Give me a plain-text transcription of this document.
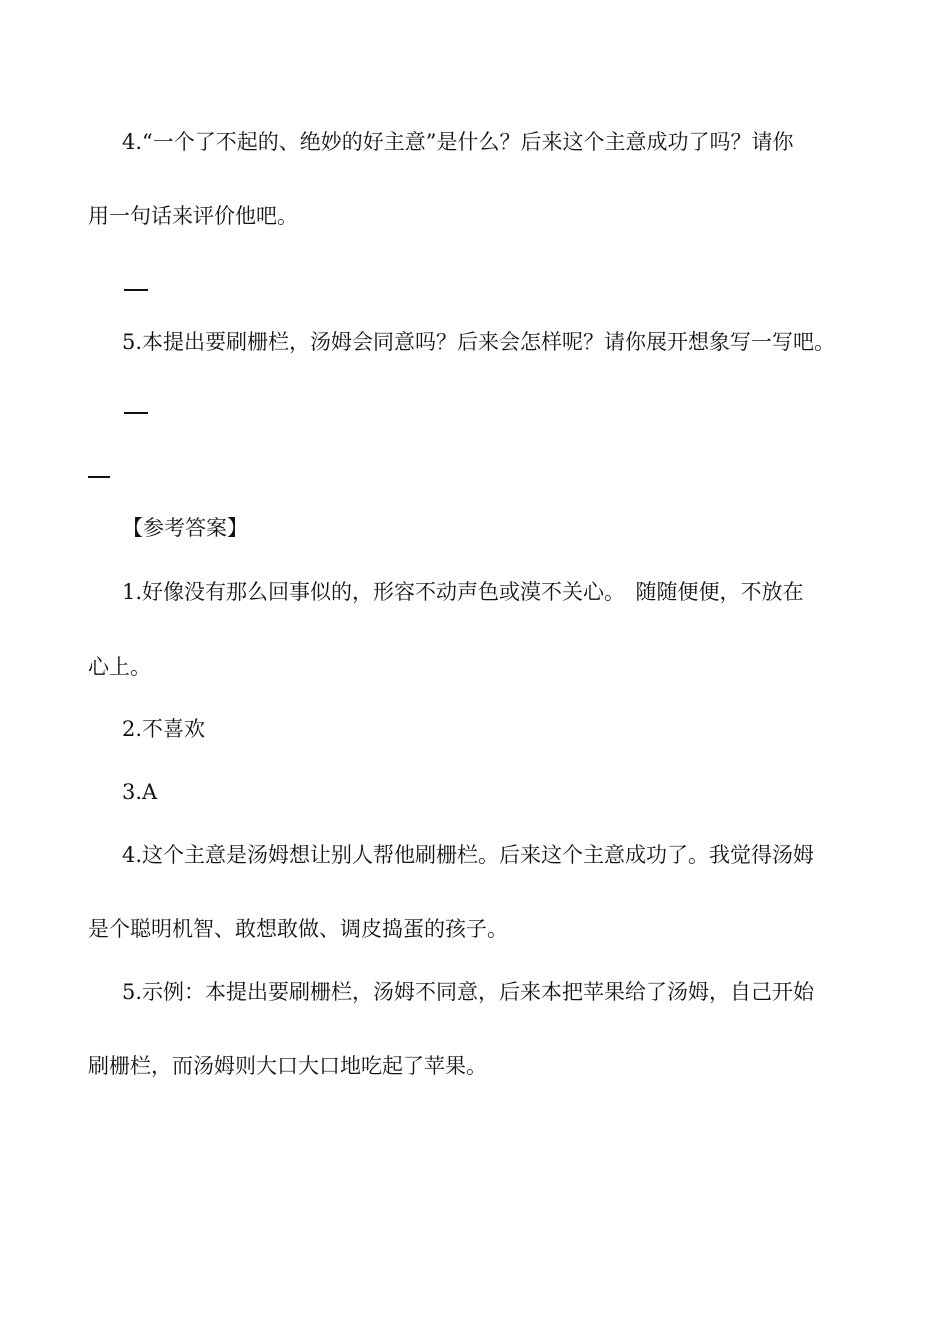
4.“一个了不起的、绝妙的好主意”是什么？后来这个主意成功了吗？请你

用一句话来评价他吧。

5.本提出要刷栅栏，汤姆会同意吗？后来会怎样呢？请你展开想象写一写吧。

【参考答案】

1.好像没有那么回事似的，形容不动声色或漠不关心。　随随便便，不放在

心上。

2.不喜欢

3.A

4.这个主意是汤姆想让别人帮他刷栅栏。后来这个主意成功了。我觉得汤姆

是个聪明机智、敢想敢做、调皮捣蛋的孩子。

5.示例：本提出要刷栅栏，汤姆不同意，后来本把苹果给了汤姆，自己开始

刷栅栏，而汤姆则大口大口地吃起了苹果。
